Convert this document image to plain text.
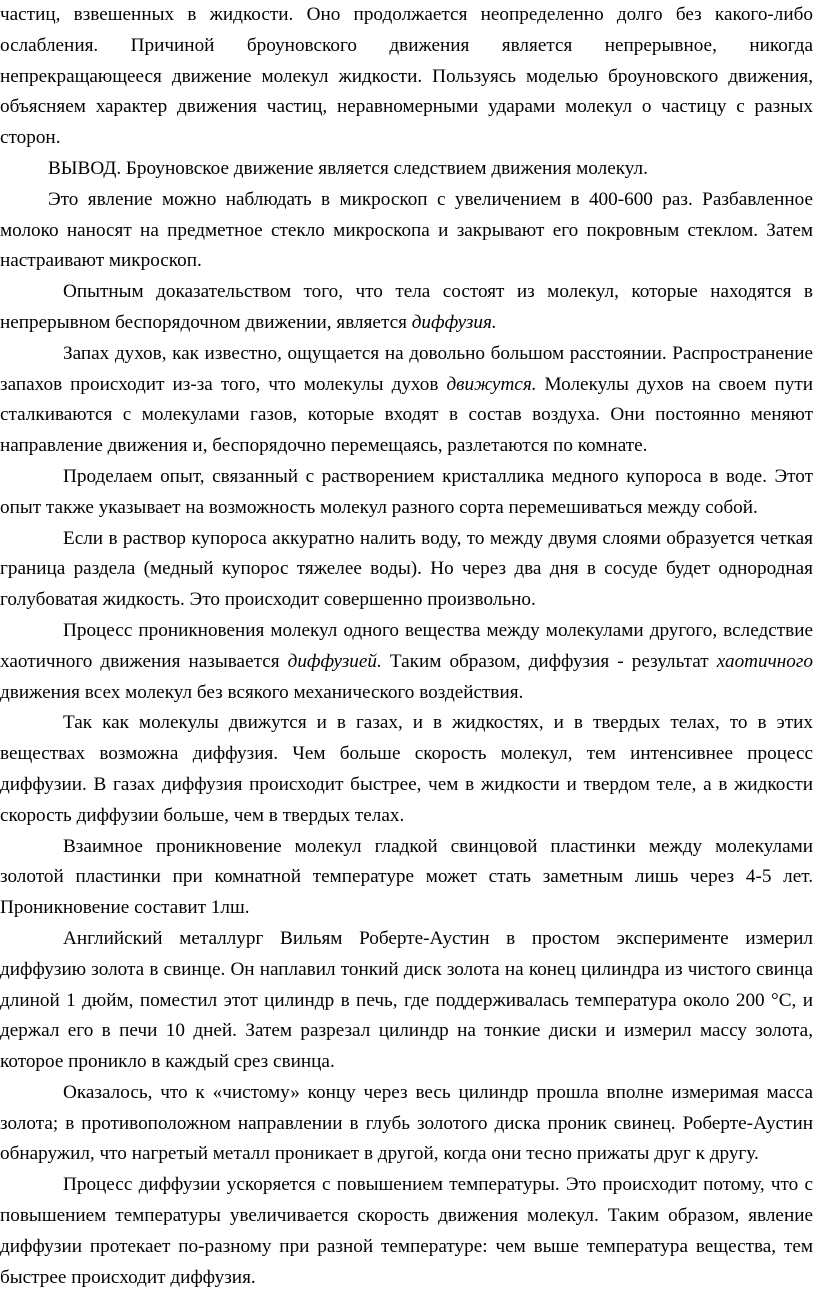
частиц, взвешенных в жидкости. Оно продолжается неопределенно долго без какого-либо ослабления. Причиной броуновского движения является непрерывное, никогда непрекращающееся движение молекул жидкости. Пользуясь моделью броуновского движения, объясняем характер движения частиц, неравномерными ударами молекул о частицу с разных сторон.

ВЫВОД. Броуновское движение является следствием движения молекул.

Это явление можно наблюдать в микроскоп с увеличением в 400-600 раз. Разбавленное молоко наносят на предметное стекло микроскопа и закрывают его покровным стеклом. Затем настраивают микроскоп.

Опытным доказательством того, что тела состоят из молекул, которые находятся в непрерывном беспорядочном движении, является диффузия.

Запах духов, как известно, ощущается на довольно большом расстоянии. Распространение запахов происходит из-за того, что молекулы духов движутся. Молекулы духов на своем пути сталкиваются с молекулами газов, которые входят в состав воздуха. Они постоянно меняют направление движения и, беспорядочно перемещаясь, разлетаются по комнате.

Проделаем опыт, связанный с растворением кристаллика медного купороса в воде. Этот опыт также указывает на возможность молекул разного сорта перемешиваться между собой.

Если в раствор купороса аккуратно налить воду, то между двумя слоями образуется четкая граница раздела (медный купорос тяжелее воды). Но через два дня в сосуде будет однородная голубоватая жидкость. Это происходит совершенно произвольно.

Процесс проникновения молекул одного вещества между молекулами другого, вследствие хаотичного движения называется диффузией. Таким образом, диффузия - результат хаотичного движения всех молекул без всякого механического воздействия.

Так как молекулы движутся и в газах, и в жидкостях, и в твердых телах, то в этих веществах возможна диффузия. Чем больше скорость молекул, тем интенсивнее процесс диффузии. В газах диффузия происходит быстрее, чем в жидкости и твердом теле, а в жидкости скорость диффузии больше, чем в твердых телах.

Взаимное проникновение молекул гладкой свинцовой пластинки между молекулами золотой пластинки при комнатной температуре может стать заметным лишь через 4-5 лет. Проникновение составит 1лш.

Английский металлург Вильям Роберте-Аустин в простом эксперименте измерил диффузию золота в свинце. Он наплавил тонкий диск золота на конец цилиндра из чистого свинца длиной 1 дюйм, поместил этот цилиндр в печь, где поддерживалась температура около 200 °С, и держал его в печи 10 дней. Затем разрезал цилиндр на тонкие диски и измерил массу золота, которое проникло в каждый срез свинца.

Оказалось, что к «чистому» концу через весь цилиндр прошла вполне измеримая масса золота; в противоположном направлении в глубь золотого диска проник свинец. Роберте-Аустин обнаружил, что нагретый металл проникает в другой, когда они тесно прижаты друг к другу.

Процесс диффузии ускоряется с повышением температуры. Это происходит потому, что с повышением температуры увеличивается скорость движения молекул. Таким образом, явление диффузии протекает по-разному при разной температуре: чем выше температура вещества, тем быстрее происходит диффузия.
